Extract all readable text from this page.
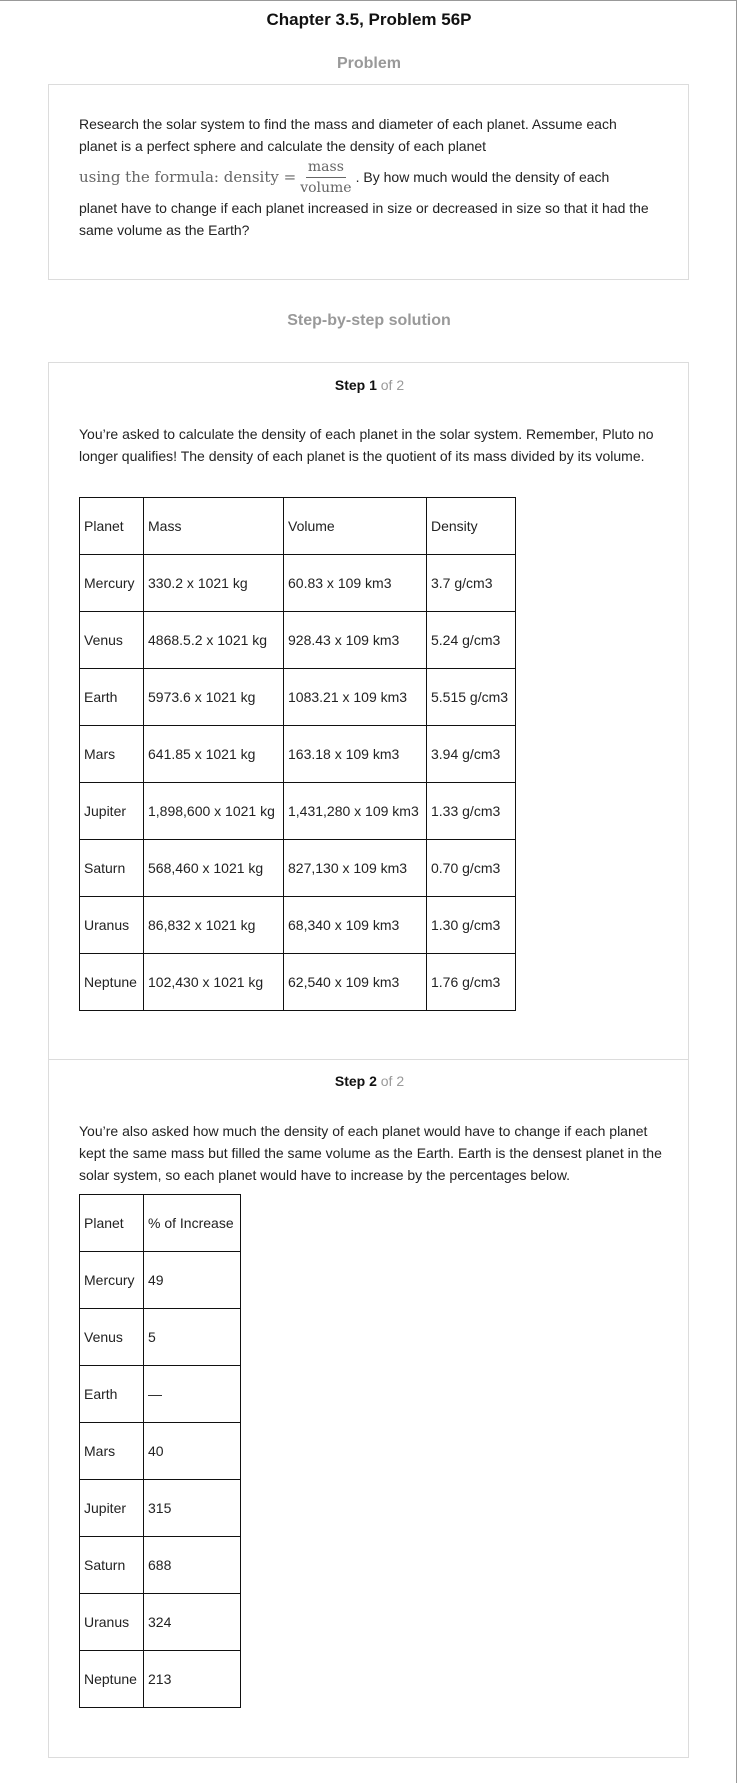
Chapter 3.5, Problem 56P
Problem
Research the solar system to find the mass and diameter of each planet. Assume each planet is a perfect sphere and calculate the density of each planet
using the formula: density = $\frac{\text{mass}}{\text{volume}}$ . By how much would the density of each
planet have to change if each planet increased in size or decreased in size so that it had the same volume as the Earth?
Step-by-step solution
Step 1 of 2
You’re asked to calculate the density of each planet in the solar system. Remember, Pluto no longer qualifies! The density of each planet is the quotient of its mass divided by its volume.
Planet	Mass	Volume	Density
Mercury	330.2 x 1021 kg	60.83 x 109 km3	3.7 g/cm3
Venus	4868.5.2 x 1021 kg	928.43 x 109 km3	5.24 g/cm3
Earth	5973.6 x 1021 kg	1083.21 x 109 km3	5.515 g/cm3
Mars	641.85 x 1021 kg	163.18 x 109 km3	3.94 g/cm3
Jupiter	1,898,600 x 1021 kg	1,431,280 x 109 km3	1.33 g/cm3
Saturn	568,460 x 1021 kg	827,130 x 109 km3	0.70 g/cm3
Uranus	86,832 x 1021 kg	68,340 x 109 km3	1.30 g/cm3
Neptune	102,430 x 1021 kg	62,540 x 109 km3	1.76 g/cm3
Step 2 of 2
You’re also asked how much the density of each planet would have to change if each planet kept the same mass but filled the same volume as the Earth. Earth is the densest planet in the solar system, so each planet would have to increase by the percentages below.
Planet	% of Increase
Mercury	49
Venus	5
Earth	—
Mars	40
Jupiter	315
Saturn	688
Uranus	324
Neptune	213
